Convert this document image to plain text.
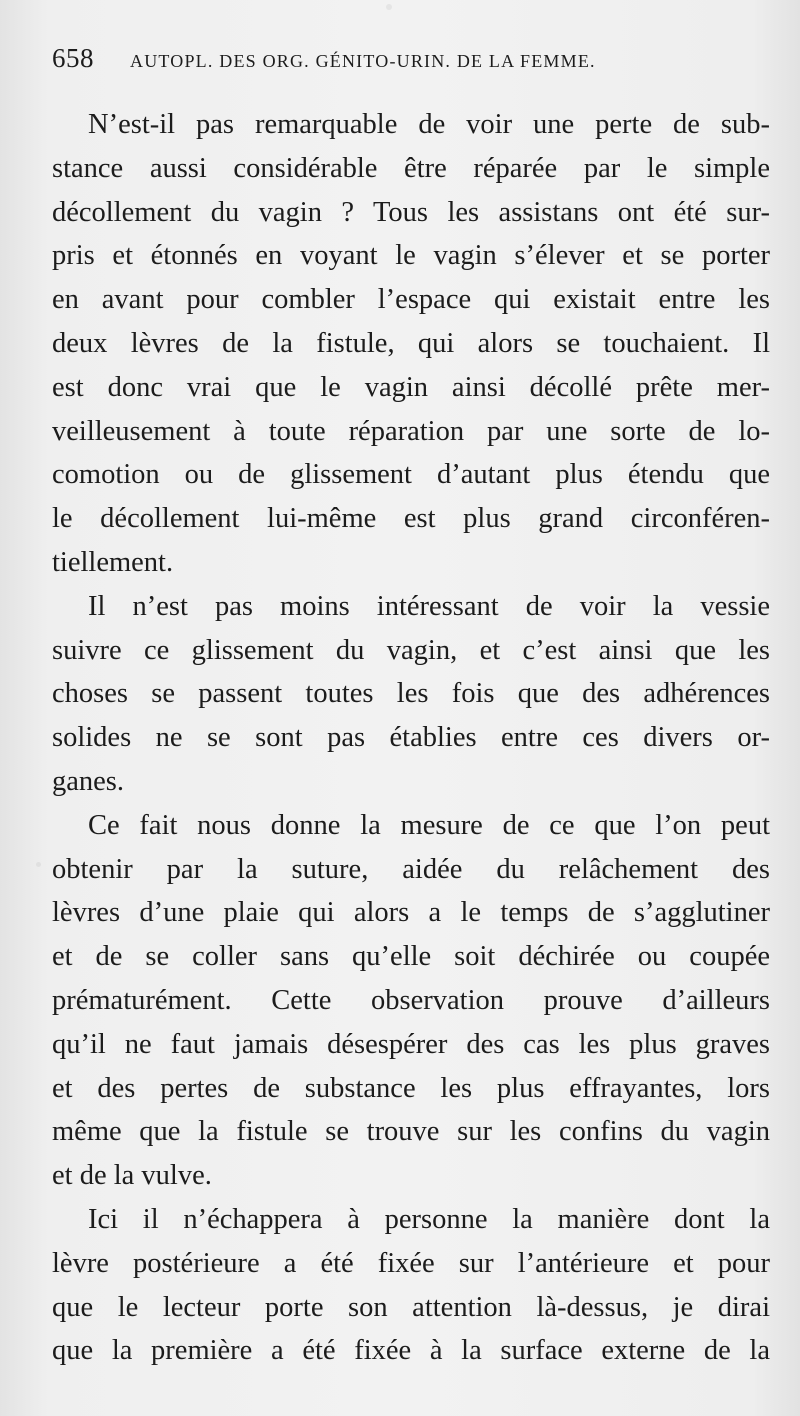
658 AUTOPL. DES ORG. GÉNITO-URIN. DE LA FEMME.
N’est-il pas remarquable de voir une perte de sub-
stance aussi considérable être réparée par le simple
décollement du vagin ? Tous les assistans ont été sur-
pris et étonnés en voyant le vagin s’élever et se porter
en avant pour combler l’espace qui existait entre les
deux lèvres de la fistule, qui alors se touchaient. Il
est donc vrai que le vagin ainsi décollé prête mer-
veilleusement à toute réparation par une sorte de lo-
comotion ou de glissement d’autant plus étendu que
le décollement lui-même est plus grand circonféren-
tiellement.
Il n’est pas moins intéressant de voir la vessie
suivre ce glissement du vagin, et c’est ainsi que les
choses se passent toutes les fois que des adhérences
solides ne se sont pas établies entre ces divers or-
ganes.
Ce fait nous donne la mesure de ce que l’on peut
obtenir par la suture, aidée du relâchement des
lèvres d’une plaie qui alors a le temps de s’agglutiner
et de se coller sans qu’elle soit déchirée ou coupée
prématurément. Cette observation prouve d’ailleurs
qu’il ne faut jamais désespérer des cas les plus graves
et des pertes de substance les plus effrayantes, lors
même que la fistule se trouve sur les confins du vagin
et de la vulve.
Ici il n’échappera à personne la manière dont la
lèvre postérieure a été fixée sur l’antérieure et pour
que le lecteur porte son attention là-dessus, je dirai
que la première a été fixée à la surface externe de la
